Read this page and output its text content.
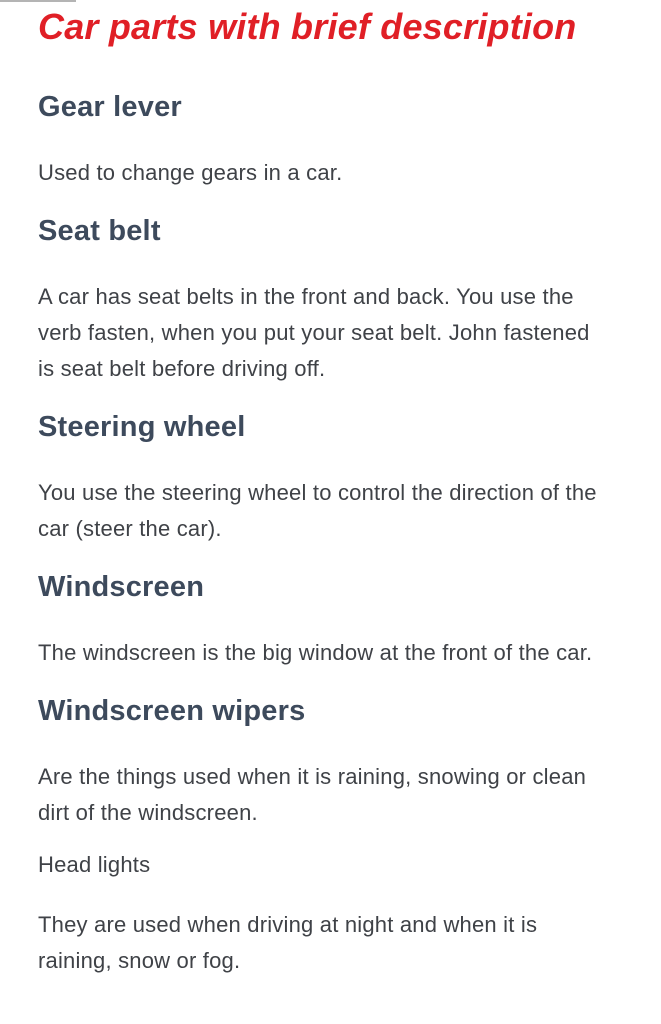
Car parts with brief description
Gear lever

Used to change gears in a car.

Seat belt

A car has seat belts in the front and back. You use the verb fasten, when you put your seat belt. John fastened is seat belt before driving off.

Steering wheel

You use the steering wheel to control the direction of the car (steer the car).

Windscreen

The windscreen is the big window at the front of the car.

Windscreen wipers

Are the things used when it is raining, snowing or clean dirt of the windscreen.

Head lights

They are used when driving at night and when it is raining, snow or fog.
